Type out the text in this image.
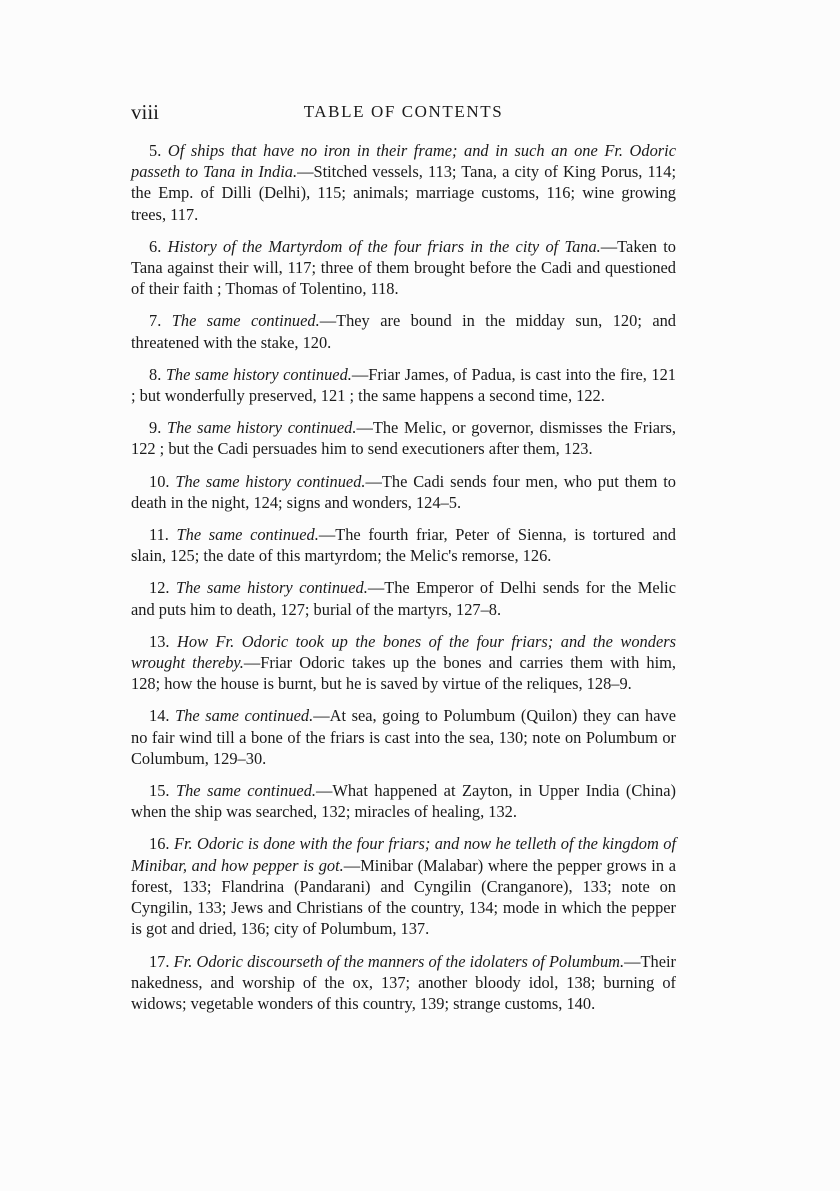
viii	TABLE OF CONTENTS

5. Of ships that have no iron in their frame; and in such an one Fr. Odoric passeth to Tana in India.—Stitched vessels, 113; Tana, a city of King Porus, 114; the Emp. of Dilli (Delhi), 115; animals; marriage customs, 116; wine growing trees, 117.

6. History of the Martyrdom of the four friars in the city of Tana.—Taken to Tana against their will, 117; three of them brought before the Cadi and questioned of their faith ; Thomas of Tolentino, 118.

7. The same continued.—They are bound in the midday sun, 120; and threatened with the stake, 120.

8. The same history continued.—Friar James, of Padua, is cast into the fire, 121 ; but wonderfully preserved, 121 ; the same happens a second time, 122.

9. The same history continued.—The Melic, or governor, dismisses the Friars, 122 ; but the Cadi persuades him to send executioners after them, 123.

10. The same history continued.—The Cadi sends four men, who put them to death in the night, 124; signs and wonders, 124–5.

11. The same continued.—The fourth friar, Peter of Sienna, is tortured and slain, 125; the date of this martyrdom; the Melic's remorse, 126.

12. The same history continued.—The Emperor of Delhi sends for the Melic and puts him to death, 127; burial of the martyrs, 127–8.

13. How Fr. Odoric took up the bones of the four friars; and the wonders wrought thereby.—Friar Odoric takes up the bones and carries them with him, 128; how the house is burnt, but he is saved by virtue of the reliques, 128–9.

14. The same continued.—At sea, going to Polumbum (Quilon) they can have no fair wind till a bone of the friars is cast into the sea, 130; note on Polumbum or Columbum, 129–30.

15. The same continued.—What happened at Zayton, in Upper India (China) when the ship was searched, 132; miracles of healing, 132.

16. Fr. Odoric is done with the four friars; and now he telleth of the kingdom of Minibar, and how pepper is got.—Minibar (Malabar) where the pepper grows in a forest, 133; Flandrina (Pandarani) and Cyngilin (Cranganore), 133; note on Cyngilin, 133; Jews and Christians of the country, 134; mode in which the pepper is got and dried, 136; city of Polumbum, 137.

17. Fr. Odoric discourseth of the manners of the idolaters of Polumbum.—Their nakedness, and worship of the ox, 137; another bloody idol, 138; burning of widows; vegetable wonders of this country, 139; strange customs, 140.
